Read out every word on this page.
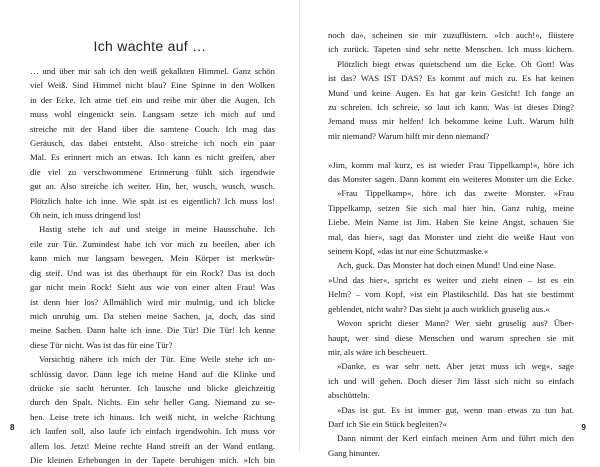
Ich wachte auf …
… und über mir sah ich den weiß gekalkten Himmel. Ganz schön
viel Weiß. Sind Himmel nicht blau? Eine Spinne in den Wolken
in der Ecke. Ich atme tief ein und reibe mir über die Augen. Ich
muss wohl eingenickt sein. Langsam setze ich mich auf und
streiche mit der Hand über die samtene Couch. Ich mag das
Geräusch, das dabei entsteht. Also streiche ich noch ein paar
Mal. Es erinnert mich an etwas. Ich kann es nicht greifen, aber
die viel zu verschwommene Erinnerung fühlt sich irgendwie
gut an. Also streiche ich weiter. Hin, her, wusch, wusch, wusch.
Plötzlich halte ich inne. Wie spät ist es eigentlich? Ich muss los!
Oh nein, ich muss dringend los!
Hastig stehe ich auf und steige in meine Hausschuhe. Ich
eile zur Tür. Zumindest habe ich vor mich zu beeilen, aber ich
kann mich nur langsam bewegen. Mein Körper ist merkwür-
dig steif. Und was ist das überhaupt für ein Rock? Das ist doch
gar nicht mein Rock! Sieht aus wie von einer alten Frau! Was
ist denn hier los? Allmählich wird mir mulmig, und ich blicke
mich unruhig um. Da stehen meine Sachen, ja, doch, das sind
meine Sachen. Dann halte ich inne. Die Tür! Die Tür! Ich kenne
diese Tür nicht. Was ist das für eine Tür?
Vorsichtig nähere ich mich der Tür. Eine Weile stehe ich un-
schlüssig davor. Dann lege ich meine Hand auf die Klinke und
drücke sie sacht herunter. Ich lausche und blicke gleichzeitig
durch den Spalt. Nichts. Ein sehr heller Gang. Niemand zu se-
hen. Leise trete ich hinaus. Ich weiß nicht, in welche Richtung
ich laufen soll, also laufe ich einfach irgendwohin. Ich muss vor
allem los. Jetzt! Meine rechte Hand streift an der Wand entlang.
Die kleinen Erhebungen in der Tapete beruhigen mich. »Ich bin
8
noch da«, scheinen sie mir zuzuflüstern. »Ich auch!«, flüstere
ich zurück. Tapeten sind sehr nette Menschen. Ich muss kichern.
Plötzlich biegt etwas quietschend um die Ecke. Oh Gott! Was
ist das? WAS IST DAS? Es kommt auf mich zu. Es hat keinen
Mund und keine Augen. Es hat gar kein Gesicht! Ich fange an
zu schreien. Ich schreie, so laut ich kann. Was ist dieses Ding?
Jemand muss mir helfen! Ich bekomme keine Luft. Warum hilft
mir niemand? Warum hilft mir denn niemand?
»Jim, komm mal kurz, es ist wieder Frau Tippelkamp!«, höre ich
das Monster sagen. Dann kommt ein weiteres Monster um die Ecke.
»Frau Tippelkamp«, höre ich das zweite Monster. »Frau
Tippelkamp, setzen Sie sich mal hier hin. Ganz ruhig, meine
Liebe. Mein Name ist Jim. Haben Sie keine Angst, schauen Sie
mal, das hier«, sagt das Monster und zieht die weiße Haut von
seinem Kopf, »das ist nur eine Schutzmaske.«
Ach, guck. Das Monster hat doch einen Mund! Und eine Nase.
»Und das hier«, spricht es weiter und zieht einen – ist es ein
Helm? – vom Kopf, »ist ein Plastikschild. Das hat sie bestimmt
geblendet, nicht wahr? Das sieht ja auch wirklich gruselig aus.«
Wovon spricht dieser Mann? Wer sieht gruselig aus? Über-
haupt, wer sind diese Menschen und warum sprechen sie mit
mir, als wäre ich bescheuert.
»Danke, es war sehr nett. Aber jetzt muss ich weg«, sage
ich und will gehen. Doch dieser Jim lässt sich nicht so einfach
abschütteln.
»Das ist gut. Es ist immer gut, wenn man etwas zu tun hat.
Darf ich Sie ein Stück begleiten?«
Dann nimmt der Kerl einfach meinen Arm und führt mich den
Gang hinunter.
9
